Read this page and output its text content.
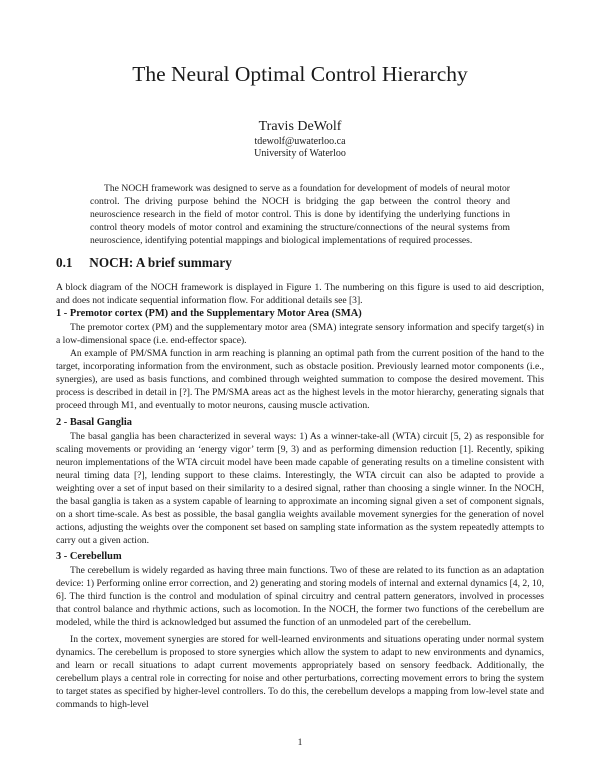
The Neural Optimal Control Hierarchy
Travis DeWolf
tdewolf@uwaterloo.ca
University of Waterloo

The NOCH framework was designed to serve as a foundation for development of models of neural motor control. The driving purpose behind the NOCH is bridging the gap between the control theory and neuroscience research in the field of motor control. This is done by identifying the underlying functions in control theory models of motor control and examining the structure/connections of the neural systems from neuroscience, identifying potential mappings and biological implementations of required processes.

0.1 NOCH: A brief summary

A block diagram of the NOCH framework is displayed in Figure 1. The numbering on this figure is used to aid description, and does not indicate sequential information flow. For additional details see [3].

1 - Premotor cortex (PM) and the Supplementary Motor Area (SMA)

The premotor cortex (PM) and the supplementary motor area (SMA) integrate sensory information and specify target(s) in a low-dimensional space (i.e. end-effector space).

An example of PM/SMA function in arm reaching is planning an optimal path from the current position of the hand to the target, incorporating information from the environment, such as obstacle position. Previously learned motor components (i.e., synergies), are used as basis functions, and combined through weighted summation to compose the desired movement. This process is described in detail in [?]. The PM/SMA areas act as the highest levels in the motor hierarchy, generating signals that proceed through M1, and eventually to motor neurons, causing muscle activation.

2 - Basal Ganglia

The basal ganglia has been characterized in several ways: 1) As a winner-take-all (WTA) circuit [5, 2) as responsible for scaling movements or providing an ‘energy vigor’ term [9, 3) and as performing dimension reduction [1]. Recently, spiking neuron implementations of the WTA circuit model have been made capable of generating results on a timeline consistent with neural timing data [?], lending support to these claims. Interestingly, the WTA circuit can also be adapted to provide a weighting over a set of input based on their similarity to a desired signal, rather than choosing a single winner. In the NOCH, the basal ganglia is taken as a system capable of learning to approximate an incoming signal given a set of component signals, on a short time-scale. As best as possible, the basal ganglia weights available movement synergies for the generation of novel actions, adjusting the weights over the component set based on sampling state information as the system repeatedly attempts to carry out a given action.

3 - Cerebellum

The cerebellum is widely regarded as having three main functions. Two of these are related to its function as an adaptation device: 1) Performing online error correction, and 2) generating and storing models of internal and external dynamics [4, 2, 10, 6]. The third function is the control and modulation of spinal circuitry and central pattern generators, involved in processes that control balance and rhythmic actions, such as locomotion. In the NOCH, the former two functions of the cerebellum are modeled, while the third is acknowledged but assumed the function of an unmodeled part of the cerebellum.

In the cortex, movement synergies are stored for well-learned environments and situations operating under normal system dynamics. The cerebellum is proposed to store synergies which allow the system to adapt to new environments and dynamics, and learn or recall situations to adapt current movements appropriately based on sensory feedback. Additionally, the cerebellum plays a central role in correcting for noise and other perturbations, correcting movement errors to bring the system to target states as specified by higher-level controllers. To do this, the cerebellum develops a mapping from low-level state and commands to high-level

1
